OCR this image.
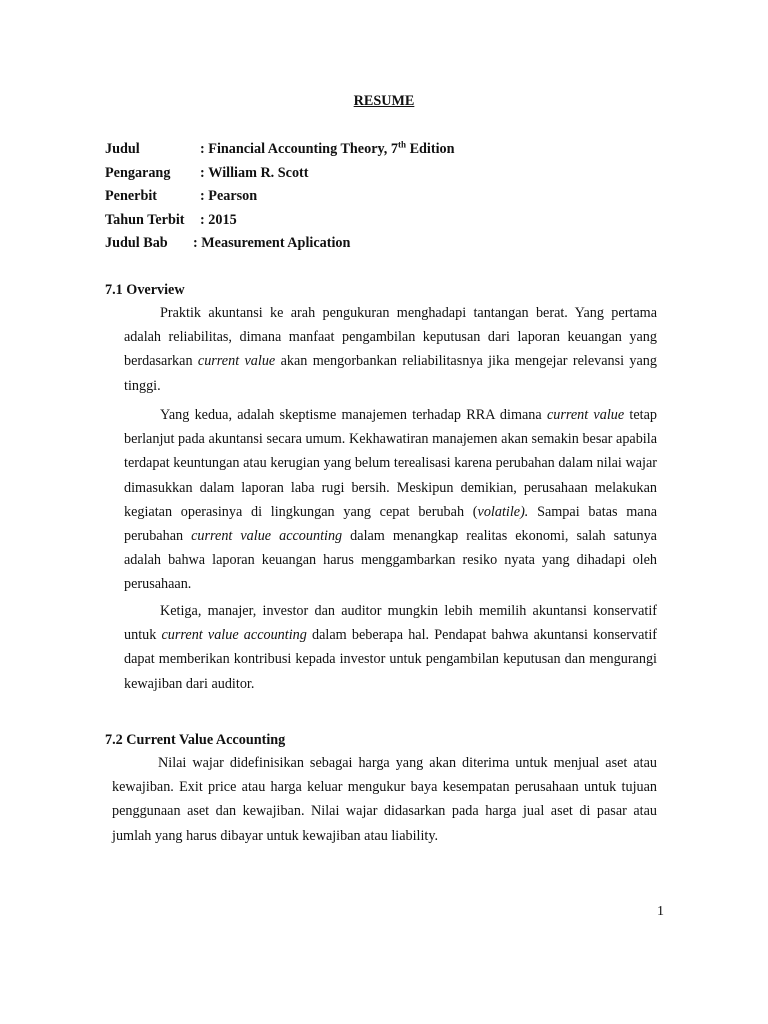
RESUME
Judul	: Financial Accounting Theory, 7th Edition
Pengarang	: William R. Scott
Penerbit	: Pearson
Tahun Terbit	: 2015
Judul Bab	: Measurement Aplication
7.1 Overview

Praktik akuntansi ke arah pengukuran menghadapi tantangan berat. Yang pertama adalah reliabilitas, dimana manfaat pengambilan keputusan dari laporan keuangan yang berdasarkan current value akan mengorbankan reliabilitasnya jika mengejar relevansi yang tinggi.

Yang kedua, adalah skeptisme manajemen terhadap RRA dimana current value tetap berlanjut pada akuntansi secara umum. Kekhawatiran manajemen akan semakin besar apabila terdapat keuntungan atau kerugian yang belum terealisasi karena perubahan dalam nilai wajar dimasukkan dalam laporan laba rugi bersih. Meskipun demikian, perusahaan melakukan kegiatan operasinya di lingkungan yang cepat berubah (volatile). Sampai batas mana perubahan current value accounting dalam menangkap realitas ekonomi, salah satunya adalah bahwa laporan keuangan harus menggambarkan resiko nyata yang dihadapi oleh perusahaan.

Ketiga, manajer, investor dan auditor mungkin lebih memilih akuntansi konservatif untuk current value accounting dalam beberapa hal. Pendapat bahwa akuntansi konservatif dapat memberikan kontribusi kepada investor untuk pengambilan keputusan dan mengurangi kewajiban dari auditor.

7.2 Current Value Accounting

Nilai wajar didefinisikan sebagai harga yang akan diterima untuk menjual aset atau kewajiban. Exit price atau harga keluar mengukur baya kesempatan perusahaan untuk tujuan penggunaan aset dan kewajiban. Nilai wajar didasarkan pada harga jual aset di pasar atau jumlah yang harus dibayar untuk kewajiban atau liability.

1
